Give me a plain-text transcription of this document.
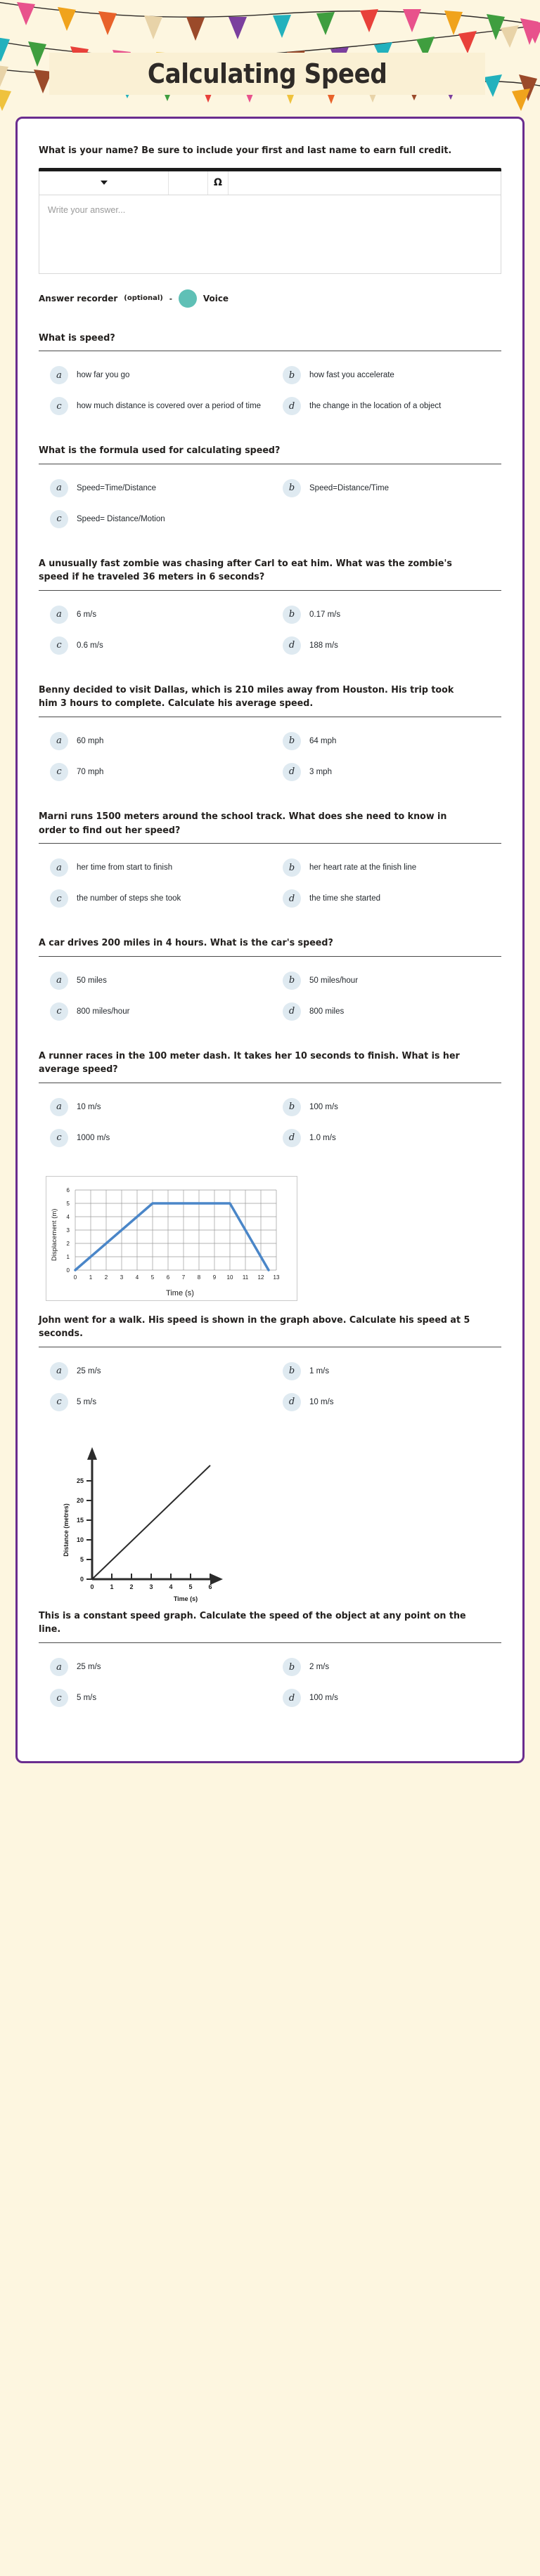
Calculating Speed
What is your name? Be sure to include your first and last name to earn full credit.
Ω
Write your answer...
Answer recorder (optional) -	Voice
What is speed?
a	how far you go	b	how fast you accelerate
c	how much distance is covered over a period of time	d	the change in the location of a object
What is the formula used for calculating speed?
a	Speed=Time/Distance	b	Speed=Distance/Time
c	Speed= Distance/Motion
A unusually fast zombie was chasing after Carl to eat him. What was the zombie's speed if he traveled 36 meters in 6 seconds?
a	6 m/s	b	0.17 m/s
c	0.6 m/s	d	188 m/s
Benny decided to visit Dallas, which is 210 miles away from Houston. His trip took him 3 hours to complete. Calculate his average speed.
a	60 mph	b	64 mph
c	70 mph	d	3 mph
Marni runs 1500 meters around the school track. What does she need to know in order to find out her speed?
a	her time from start to finish	b	her heart rate at the finish line
c	the number of steps she took	d	the time she started
A car drives 200 miles in 4 hours. What is the car's speed?
a	50 miles	b	50 miles/hour
c	800 miles/hour	d	800 miles
A runner races in the 100 meter dash. It takes her 10 seconds to finish. What is her average speed?
a	10 m/s	b	100 m/s
c	1000 m/s	d	1.0 m/s
Displacement (m)
6
5
4
3
2
1
0
0 1 2 3 4 5 6 7 8 9 10 11 12 13
Time (s)
John went for a walk. His speed is shown in the graph above. Calculate his speed at 5 seconds.
a	25 m/s	b	1 m/s
c	5 m/s	d	10 m/s
0
5
10
15
20
25
0	1	2	3	4	5	6
Distance (metres)
Time (s)
This is a constant speed graph. Calculate the speed of the object at any point on the line.
a	25 m/s	b	2 m/s
c	5 m/s	d	100 m/s
